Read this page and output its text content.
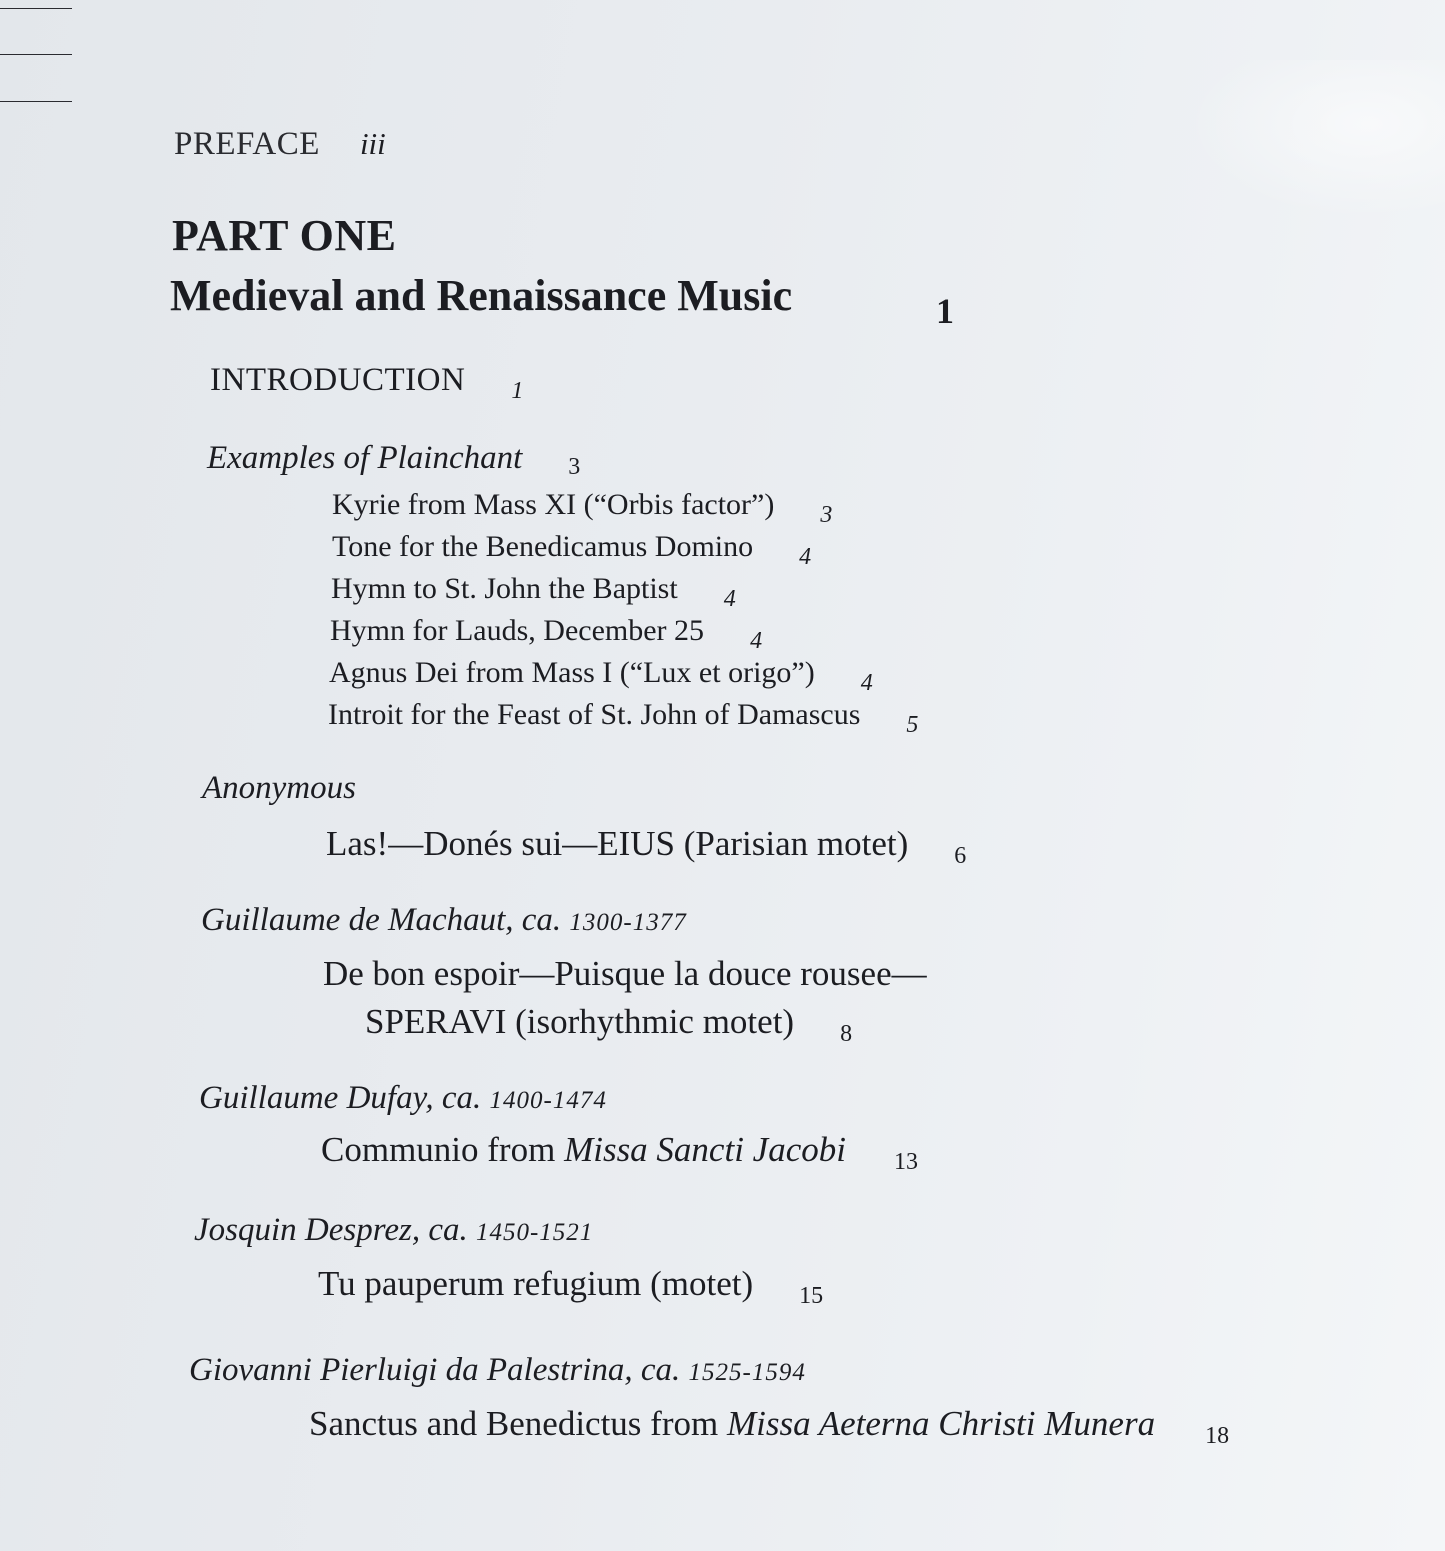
PREFACE iii
PART ONE
Medieval and Renaissance Music	1
INTRODUCTION 1
Examples of Plainchant 3
Kyrie from Mass XI (“Orbis factor”) 3
Tone for the Benedicamus Domino 4
Hymn to St. John the Baptist 4
Hymn for Lauds, December 25 4
Agnus Dei from Mass I (“Lux et origo”) 4
Introit for the Feast of St. John of Damascus 5
Anonymous
Las!—Donés sui—EIUS (Parisian motet) 6
Guillaume de Machaut, ca. 1300-1377
De bon espoir—Puisque la douce rousee—
SPERAVI (isorhythmic motet) 8
Guillaume Dufay, ca. 1400-1474
Communio from Missa Sancti Jacobi 13
Josquin Desprez, ca. 1450-1521
Tu pauperum refugium (motet) 15
Giovanni Pierluigi da Palestrina, ca. 1525-1594
Sanctus and Benedictus from Missa Aeterna Christi Munera 18
